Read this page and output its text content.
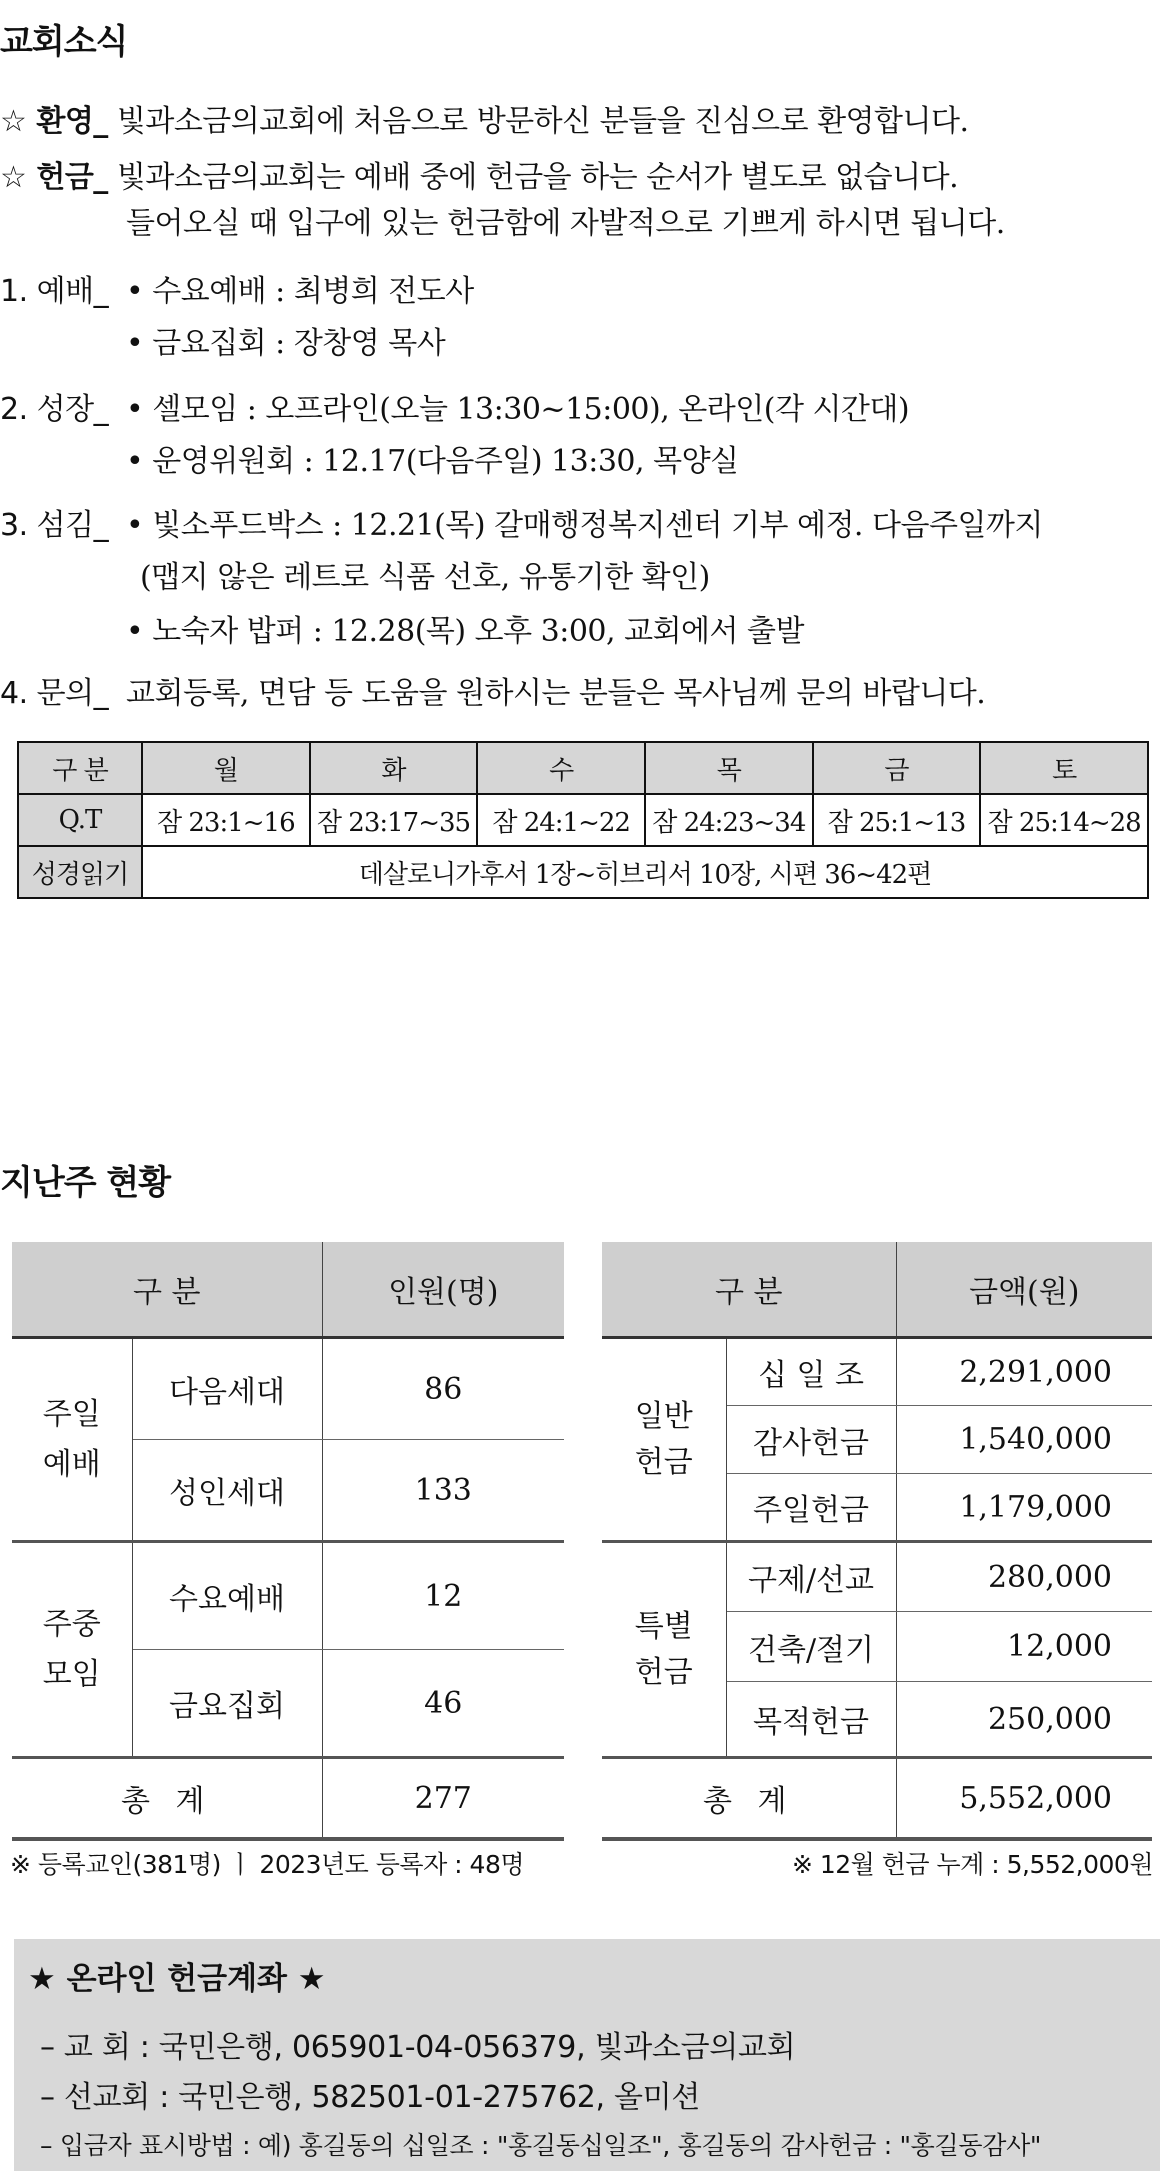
교회소식
☆ 환영_ 빛과소금의교회에 처음으로 방문하신 분들을 진심으로 환영합니다.
☆ 헌금_ 빛과소금의교회는 예배 중에 헌금을 하는 순서가 별도로 없습니다.
들어오실 때 입구에 있는 헌금함에 자발적으로 기쁘게 하시면 됩니다.
1. 예배_ • 수요예배 : 최병희 전도사
• 금요집회 : 장창영 목사
2. 성장_ • 셀모임 : 오프라인(오늘 13:30~15:00), 온라인(각 시간대)
• 운영위원회 : 12.17(다음주일) 13:30, 목양실
3. 섬김_ • 빛소푸드박스 : 12.21(목) 갈매행정복지센터 기부 예정. 다음주일까지
(맵지 않은 레트로 식품 선호, 유통기한 확인)
• 노숙자 밥퍼 : 12.28(목) 오후 3:00, 교회에서 출발
4. 문의_ 교회등록, 면담 등 도움을 원하시는 분들은 목사님께 문의 바랍니다.
구 분	월	화	수	목	금	토
Q.T	잠 23:1~16	잠 23:17~35	잠 24:1~22	잠 24:23~34	잠 25:1~13	잠 25:14~28
성경읽기	데살로니가후서 1장~히브리서 10장, 시편 36~42편					
지난주 현황
구 분		인원(명)
주일
예배	다음세대	86
	성인세대	133
주중
모임	수요예배	12
	금요집회	46
총 계		277
구 분		금액(원)
일반
헌금	십 일 조	2,291,000
	감사헌금	1,540,000
	주일헌금	1,179,000
특별
헌금	구제/선교	280,000
	건축/절기	12,000
	목적헌금	250,000
총 계		5,552,000
※ 등록교인(381명) ㅣ 2023년도 등록자 : 48명	※ 12월 헌금 누계 : 5,552,000원
★ 온라인 헌금계좌 ★
– 교 회 : 국민은행, 065901-04-056379, 빛과소금의교회
– 선교회 : 국민은행, 582501-01-275762, 올미션
– 입금자 표시방법 : 예) 홍길동의 십일조 : "홍길동십일조", 홍길동의 감사헌금 : "홍길동감사"
